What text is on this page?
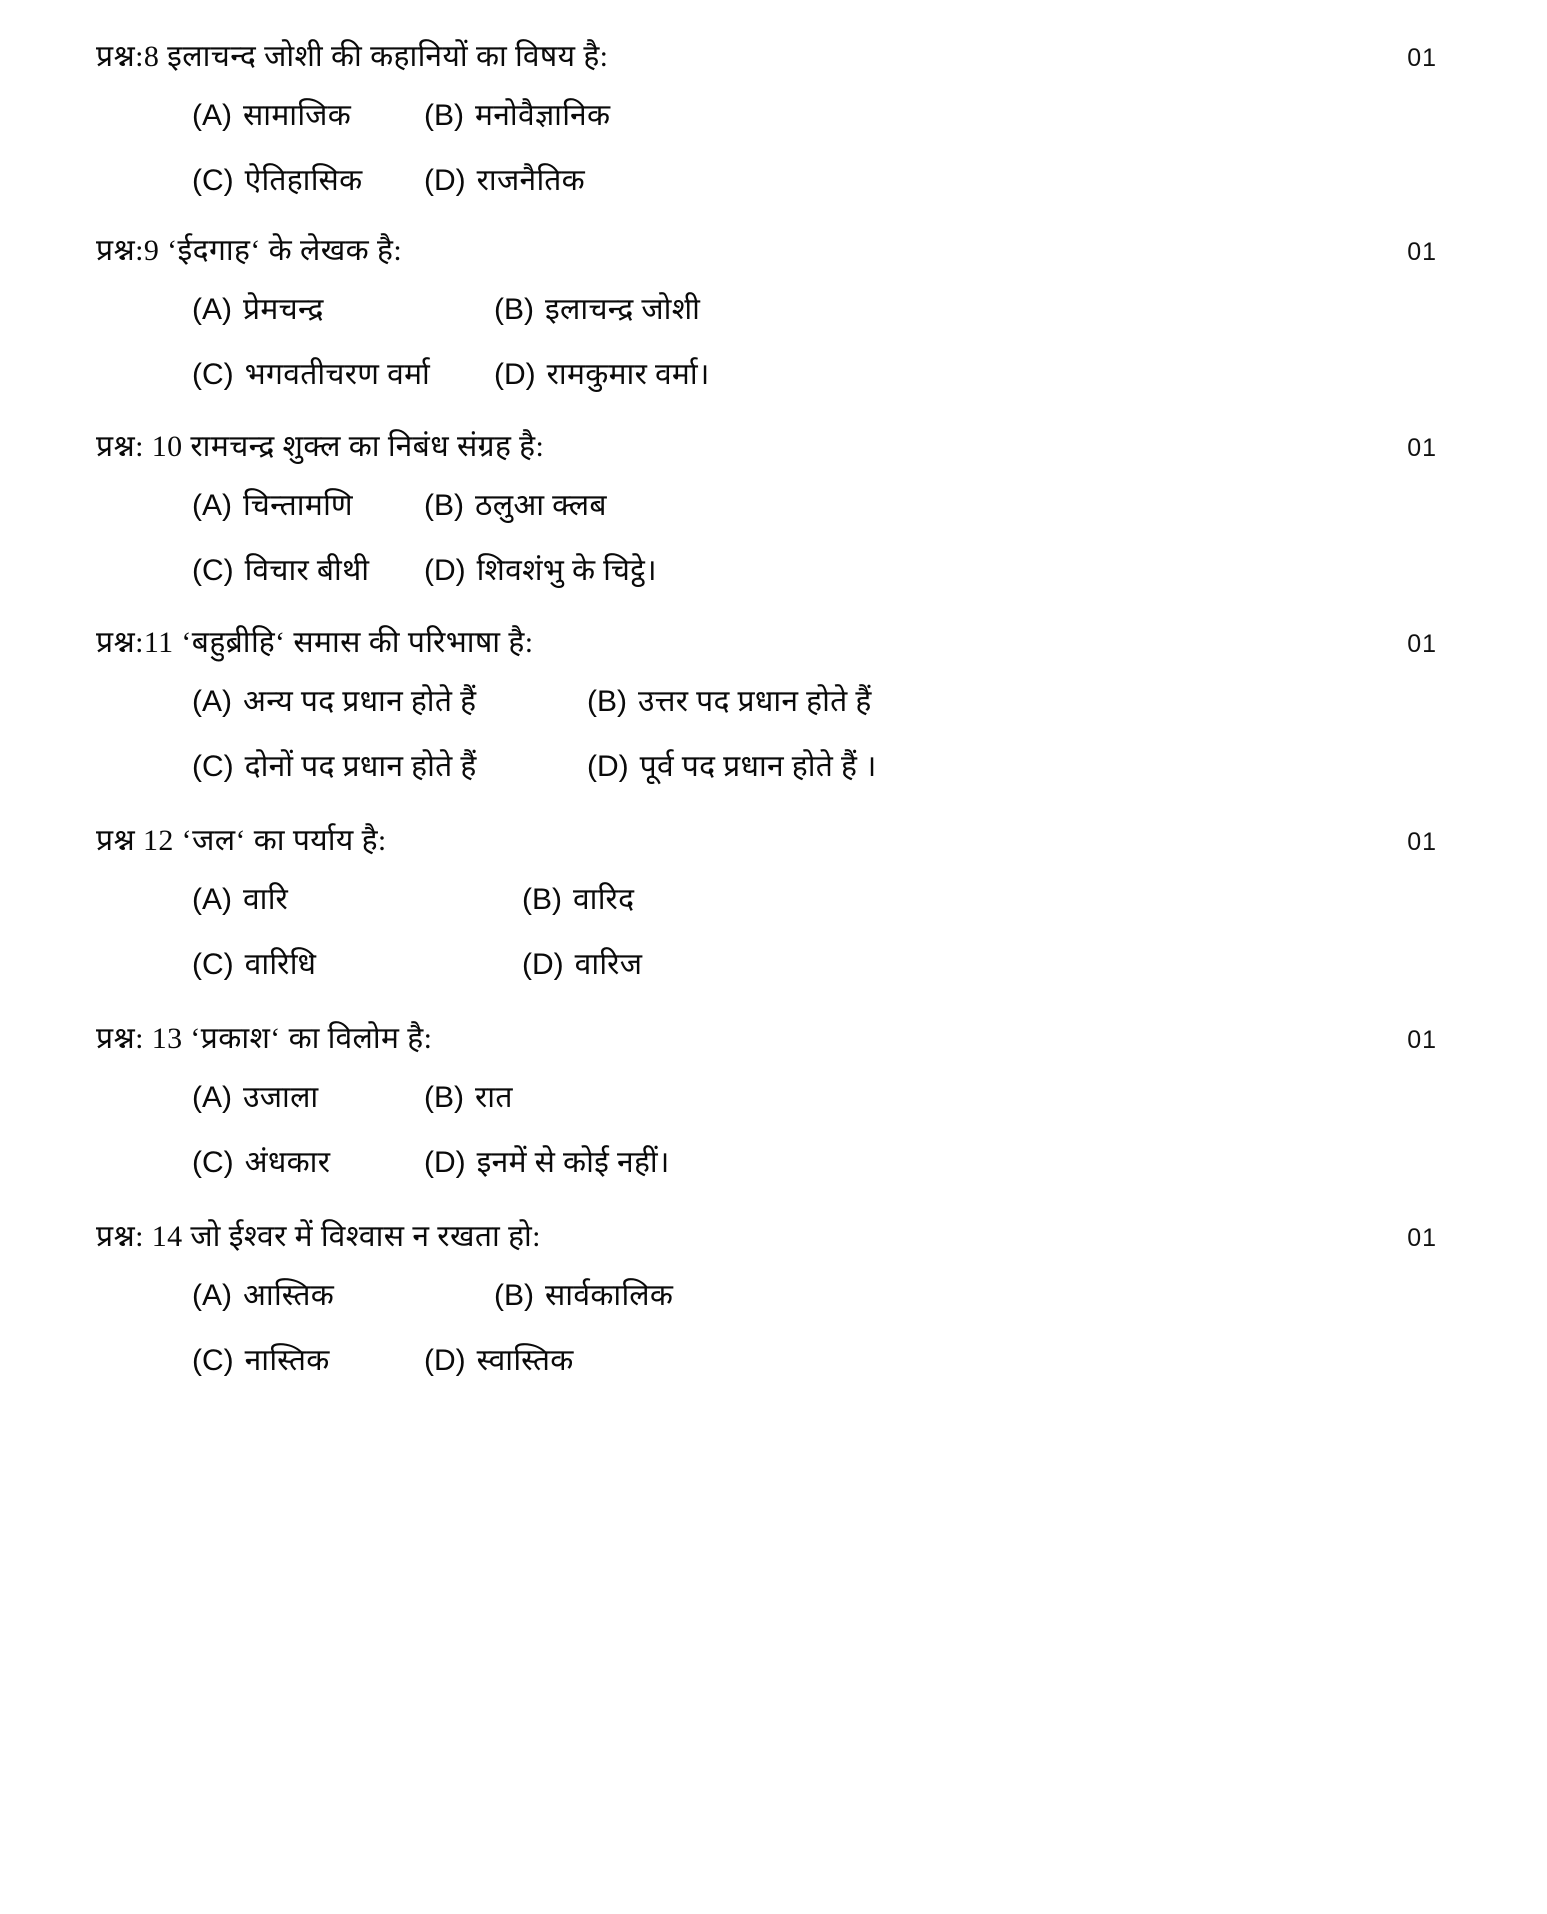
प्रश्न:8 इलाचन्द जोशी की कहानियों का विषय है:	01
(A) सामाजिक (B) मनोवैज्ञानिक
(C) ऐतिहासिक (D) राजनैतिक
प्रश्न:9 ‘ईदगाह‘ के लेखक है:	01
(A) प्रेमचन्द्र	(B) इलाचन्द्र जोशी
(C) भगवतीचरण वर्मा (D) रामकुमार वर्मा।
प्रश्न: 10 रामचन्द्र शुक्ल का निबंध संग्रह है:	01
(A) चिन्तामणि (B) ठलुआ क्लब
(C) विचार बीथी (D) शिवशंभु के चिट्ठे।
प्रश्न:11 ‘बहुब्रीहि‘ समास की परिभाषा है:	01
(A) अन्य पद प्रधान होते हैं	(B) उत्तर पद प्रधान होते हैं
(C) दोनों पद प्रधान होते हैं	(D) पूर्व पद प्रधान होते हैं ।
प्रश्न 12 ‘जल‘ का पर्याय है:	01
(A) वारि	(B) वारिद
(C) वारिधि	(D) वारिज
प्रश्न: 13 ‘प्रकाश‘ का विलोम है:	01
(A) उजाला	(B) रात
(C) अंधकार	(D) इनमें से कोई नहीं।
प्रश्न: 14 जो ईश्वर में विश्वास न रखता हो:	01
(A) आस्तिक	(B) सार्वकालिक
(C) नास्तिक	(D) स्वास्तिक
